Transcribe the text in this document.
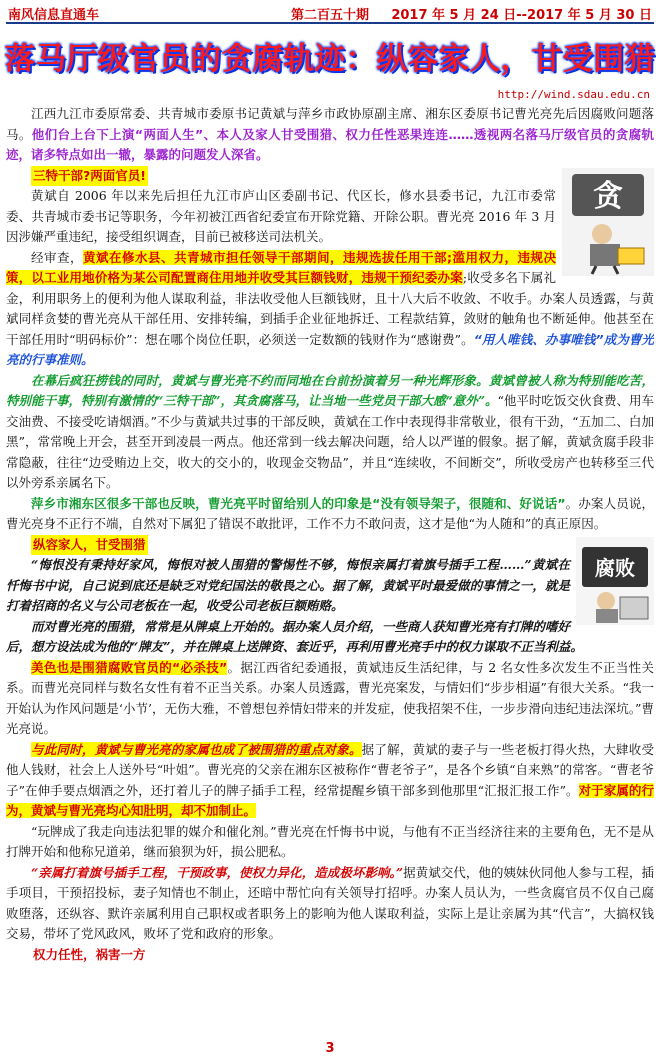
南风信息直通车	第二百五十期	2017 年 5 月 24 日--2017 年 5 月 30 日
落马厅级官员的贪腐轨迹：纵容家人，甘受围猎
http://wind.sdau.edu.cn

江西九江市委原常委、共青城市委原书记黄斌与萍乡市政协原副主席、湘东区委原书记曹光亮先后因腐败问题落马。他们台上台下上演“两面人生”、本人及家人甘受围猎、权力任性恶果连连……透视两名落马厅级官员的贪腐轨迹，诸多特点如出一辙，暴露的问题发人深省。

三特干部?两面官员!
贪

黄斌自 2006 年以来先后担任九江市庐山区委副书记、代区长，修水县委书记，九江市委常委、共青城市委书记等职务，今年初被江西省纪委宣布开除党籍、开除公职。曹光亮 2016 年 3 月因涉嫌严重违纪，接受组织调查，目前已被移送司法机关。

经审查，黄斌在修水县、共青城市担任领导干部期间，违规选拔任用干部;滥用权力，违规决策，以工业用地价格为某公司配置商住用地并收受其巨额钱财，违规干预纪委办案;收受多名下属礼金，利用职务上的便利为他人谋取利益，非法收受他人巨额钱财，且十八大后不收敛、不收手。办案人员透露，与黄斌同样贪婪的曹光亮从干部任用、安排转编，到插手企业征地拆迁、工程款结算，敛财的触角也不断延伸。他甚至在干部任用时“明码标价”：想在哪个岗位任职，必须送一定数额的钱财作为“感谢费”。“用人唯钱、办事唯钱”成为曹光亮的行事准则。

在幕后疯狂捞钱的同时，黄斌与曹光亮不约而同地在台前扮演着另一种光辉形象。黄斌曾被人称为特别能吃苦，特别能干事，特别有激情的“三特干部”，其贪腐落马，让当地一些党员干部大感“意外”。“他平时吃饭交伙食费、用车交油费、不接受吃请烟酒。”不少与黄斌共过事的干部反映，黄斌在工作中表现得非常敬业，很有干劲，“五加二、白加黑”，常常晚上开会，甚至开到凌晨一两点。他还常到一线去解决问题，给人以严谨的假象。据了解，黄斌贪腐手段非常隐蔽，往往“边受贿边上交，收大的交小的，收现金交物品”，并且“连续收，不间断交”，所收受房产也转移至三代以外旁系亲属名下。

萍乡市湘东区很多干部也反映，曹光亮平时留给别人的印象是“没有领导架子，很随和、好说话”。办案人员说，曹光亮身不正行不端，自然对下属犯了错误不敢批评，工作不力不敢问责，这才是他“为人随和”的真正原因。

腐败
纵容家人，甘受围猎

“悔恨没有秉持好家风，悔恨对被人围猎的警惕性不够，悔恨亲属打着旗号插手工程……”黄斌在忏悔书中说，自己说到底还是缺乏对党纪国法的敬畏之心。据了解，黄斌平时最爱做的事情之一，就是打着招商的名义与公司老板在一起，收受公司老板巨额贿赂。

而对曹光亮的围猎，常常是从牌桌上开始的。据办案人员介绍，一些商人获知曹光亮有打牌的嗜好后，想方设法成为他的“牌友”，并在牌桌上送牌资、套近乎，再利用曹光亮手中的权力谋取不正当利益。

美色也是围猎腐败官员的“必杀技”。据江西省纪委通报，黄斌违反生活纪律，与 2 名女性多次发生不正当性关系。而曹光亮同样与数名女性有着不正当关系。办案人员透露，曹光亮案发，与情妇们“步步相逼”有很大关系。“我一开始认为作风问题是‘小节’，无伤大雅，不曾想包养情妇带来的并发症，使我招架不住，一步步滑向违纪违法深坑。”曹光亮说。

与此同时，黄斌与曹光亮的家属也成了被围猎的重点对象。据了解，黄斌的妻子与一些老板打得火热，大肆收受他人钱财，社会上人送外号“叶姐”。曹光亮的父亲在湘东区被称作“曹老爷子”，是各个乡镇“自来熟”的常客。“曹老爷子”在伸手要点烟酒之外，还打着儿子的牌子插手工程，经常提醒乡镇干部多到他那里“汇报汇报工作”。对于家属的行为，黄斌与曹光亮均心知肚明，却不加制止。

“玩牌成了我走向违法犯罪的媒介和催化剂。”曹光亮在忏悔书中说，与他有不正当经济往来的主要角色，无不是从打牌开始和他称兄道弟，继而狼狈为奸，损公肥私。

“亲属打着旗号插手工程，干预政事，使权力异化，造成极坏影响。”据黄斌交代，他的姨妹伙同他人参与工程，插手项目，干预招投标，妻子知情也不制止，还暗中帮忙向有关领导打招呼。办案人员认为，一些贪腐官员不仅自己腐败堕落，还纵容、默许亲属利用自己职权或者职务上的影响为他人谋取利益，实际上是让亲属为其“代言”，大搞权钱交易，带坏了党风政风，败坏了党和政府的形象。

权力任性，祸害一方
3
